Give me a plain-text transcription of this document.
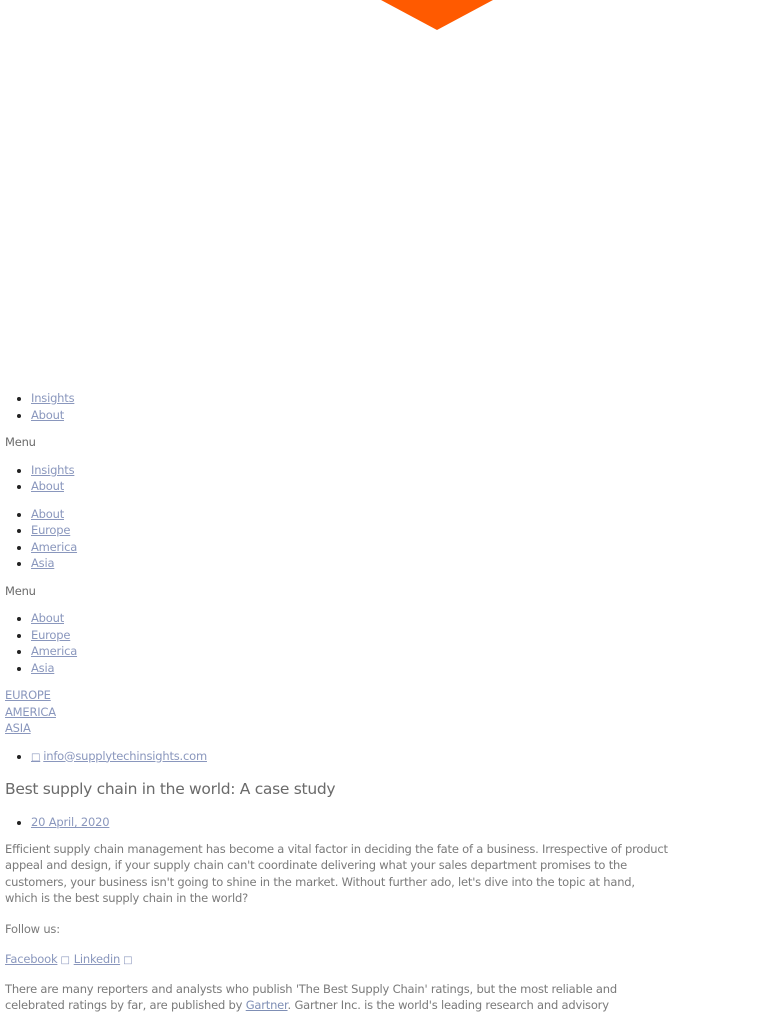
• Insights
• About
Menu
• Insights
• About
• About
• Europe
• America
• Asia
Menu
• About
• Europe
• America
• Asia
EUROPE
AMERICA
ASIA
• □ info@supplytechinsights.com
Best supply chain in the world: A case study
• 20 April, 2020

Efficient supply chain management has become a vital factor in deciding the fate of a business. Irrespective of product appeal and design, if your supply chain can't coordinate delivering what your sales department promises to the customers, your business isn't going to shine in the market. Without further ado, let's dive into the topic at hand, which is the best supply chain in the world?

Follow us:
Facebook □ Linkedin □

There are many reporters and analysts who publish 'The Best Supply Chain' ratings, but the most reliable and celebrated ratings by far, are published by Gartner. Gartner Inc. is the world's leading research and advisory
